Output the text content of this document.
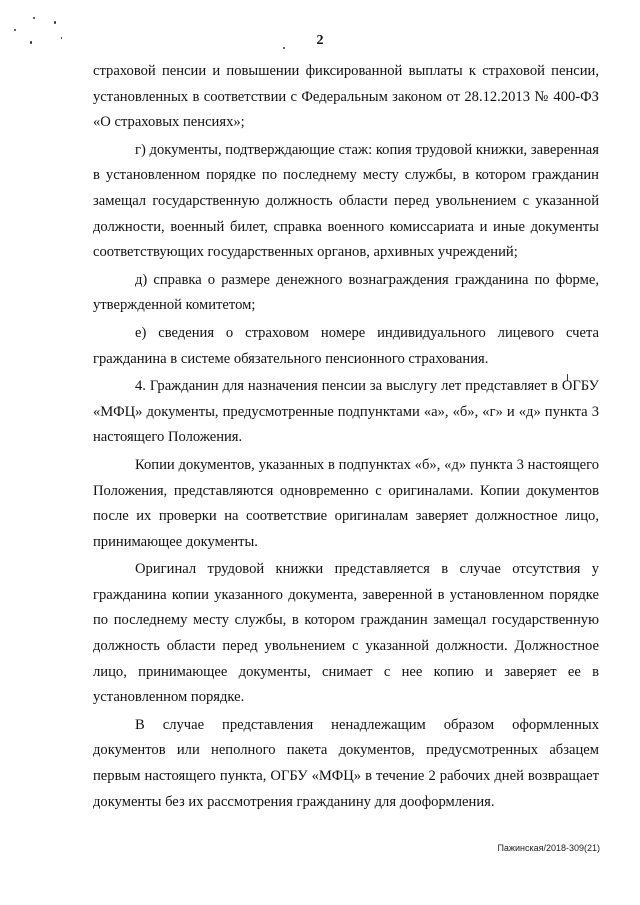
2

страховой пенсии и повышении фиксированной выплаты к страховой пенсии, установленных в соответствии с Федеральным законом от 28.12.2013 № 400-ФЗ «О страховых пенсиях»;

г) документы, подтверждающие стаж: копия трудовой книжки, заверенная в установленном порядке по последнему месту службы, в котором гражданин замещал государственную должность области перед увольнением с указанной должности, военный билет, справка военного комиссариата и иные документы соответствующих государственных органов, архивных учреждений;

д) справка о размере денежного вознаграждения гражданина по форме, утвержденной комитетом;

е) сведения о страховом номере индивидуального лицевого счета гражданина в системе обязательного пенсионного страхования.

4. Гражданин для назначения пенсии за выслугу лет представляет в ОГБУ «МФЦ» документы, предусмотренные подпунктами «а», «б», «г» и «д» пункта 3 настоящего Положения.

Копии документов, указанных в подпунктах «б», «д» пункта 3 настоящего Положения, представляются одновременно с оригиналами. Копии документов после их проверки на соответствие оригиналам заверяет должностное лицо, принимающее документы.

Оригинал трудовой книжки представляется в случае отсутствия у гражданина копии указанного документа, заверенной в установленном порядке по последнему месту службы, в котором гражданин замещал государственную должность области перед увольнением с указанной должности. Должностное лицо, принимающее документы, снимает с нее копию и заверяет ее в установленном порядке.

В случае представления ненадлежащим образом оформленных документов или неполного пакета документов, предусмотренных абзацем первым настоящего пункта, ОГБУ «МФЦ» в течение 2 рабочих дней возвращает документы без их рассмотрения гражданину для дооформления.

Пажинская/2018-309(21)
